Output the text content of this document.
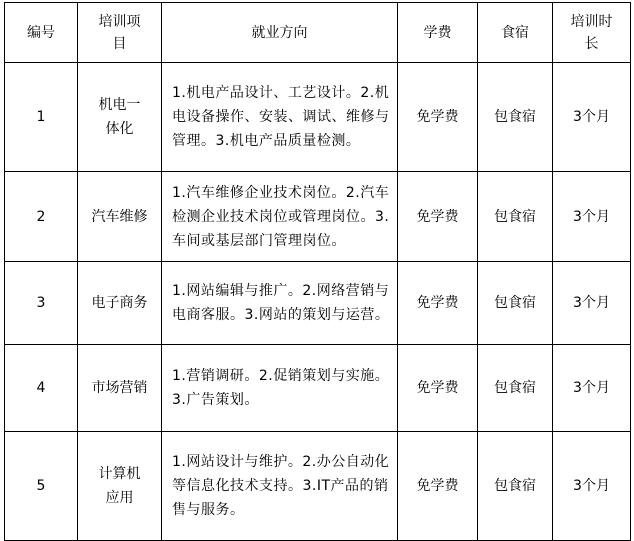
编号	培训项目	就业方向	学费	食宿	培训时长
1	机电一体化	1.机电产品设计、工艺设计。2.机电设备操作、安装、调试、维修与管理。3.机电产品质量检测。	免学费	包食宿	3个月
2	汽车维修	1.汽车维修企业技术岗位。2.汽车检测企业技术岗位或管理岗位。3.车间或基层部门管理岗位。	免学费	包食宿	3个月
3	电子商务	1.网站编辑与推广。2.网络营销与电商客服。3.网站的策划与运营。	免学费	包食宿	3个月
4	市场营销	1.营销调研。2.促销策划与实施。3.广告策划。	免学费	包食宿	3个月
5	计算机应用	1.网站设计与维护。2.办公自动化等信息化技术支持。3.IT产品的销售与服务。	免学费	包食宿	3个月
